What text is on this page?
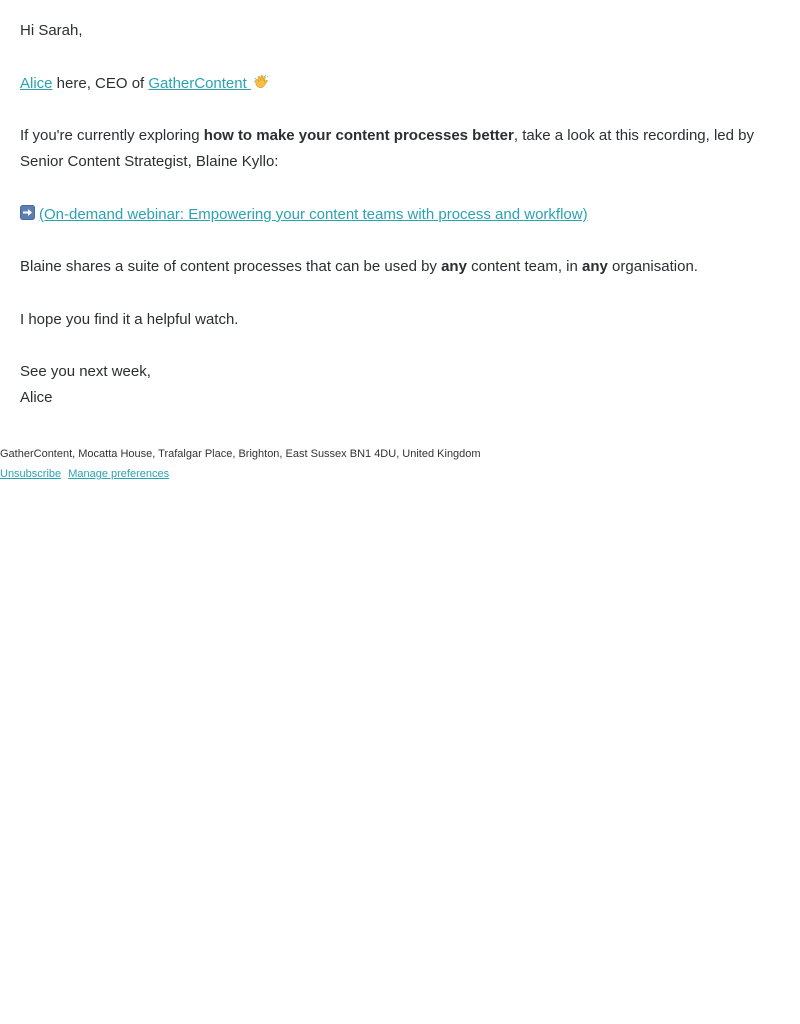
Hi Sarah,

Alice here, CEO of GatherContent

If you're currently exploring how to make your content processes better, take a look at this recording, led by Senior Content Strategist, Blaine Kyllo:

(On-demand webinar: Empowering your content teams with process and workflow)

Blaine shares a suite of content processes that can be used by any content team, in any organisation.

I hope you find it a helpful watch.

See you next week,
Alice

GatherContent, Mocatta House, Trafalgar Place, Brighton, East Sussex BN1 4DU, United Kingdom
Unsubscribe Manage preferences
